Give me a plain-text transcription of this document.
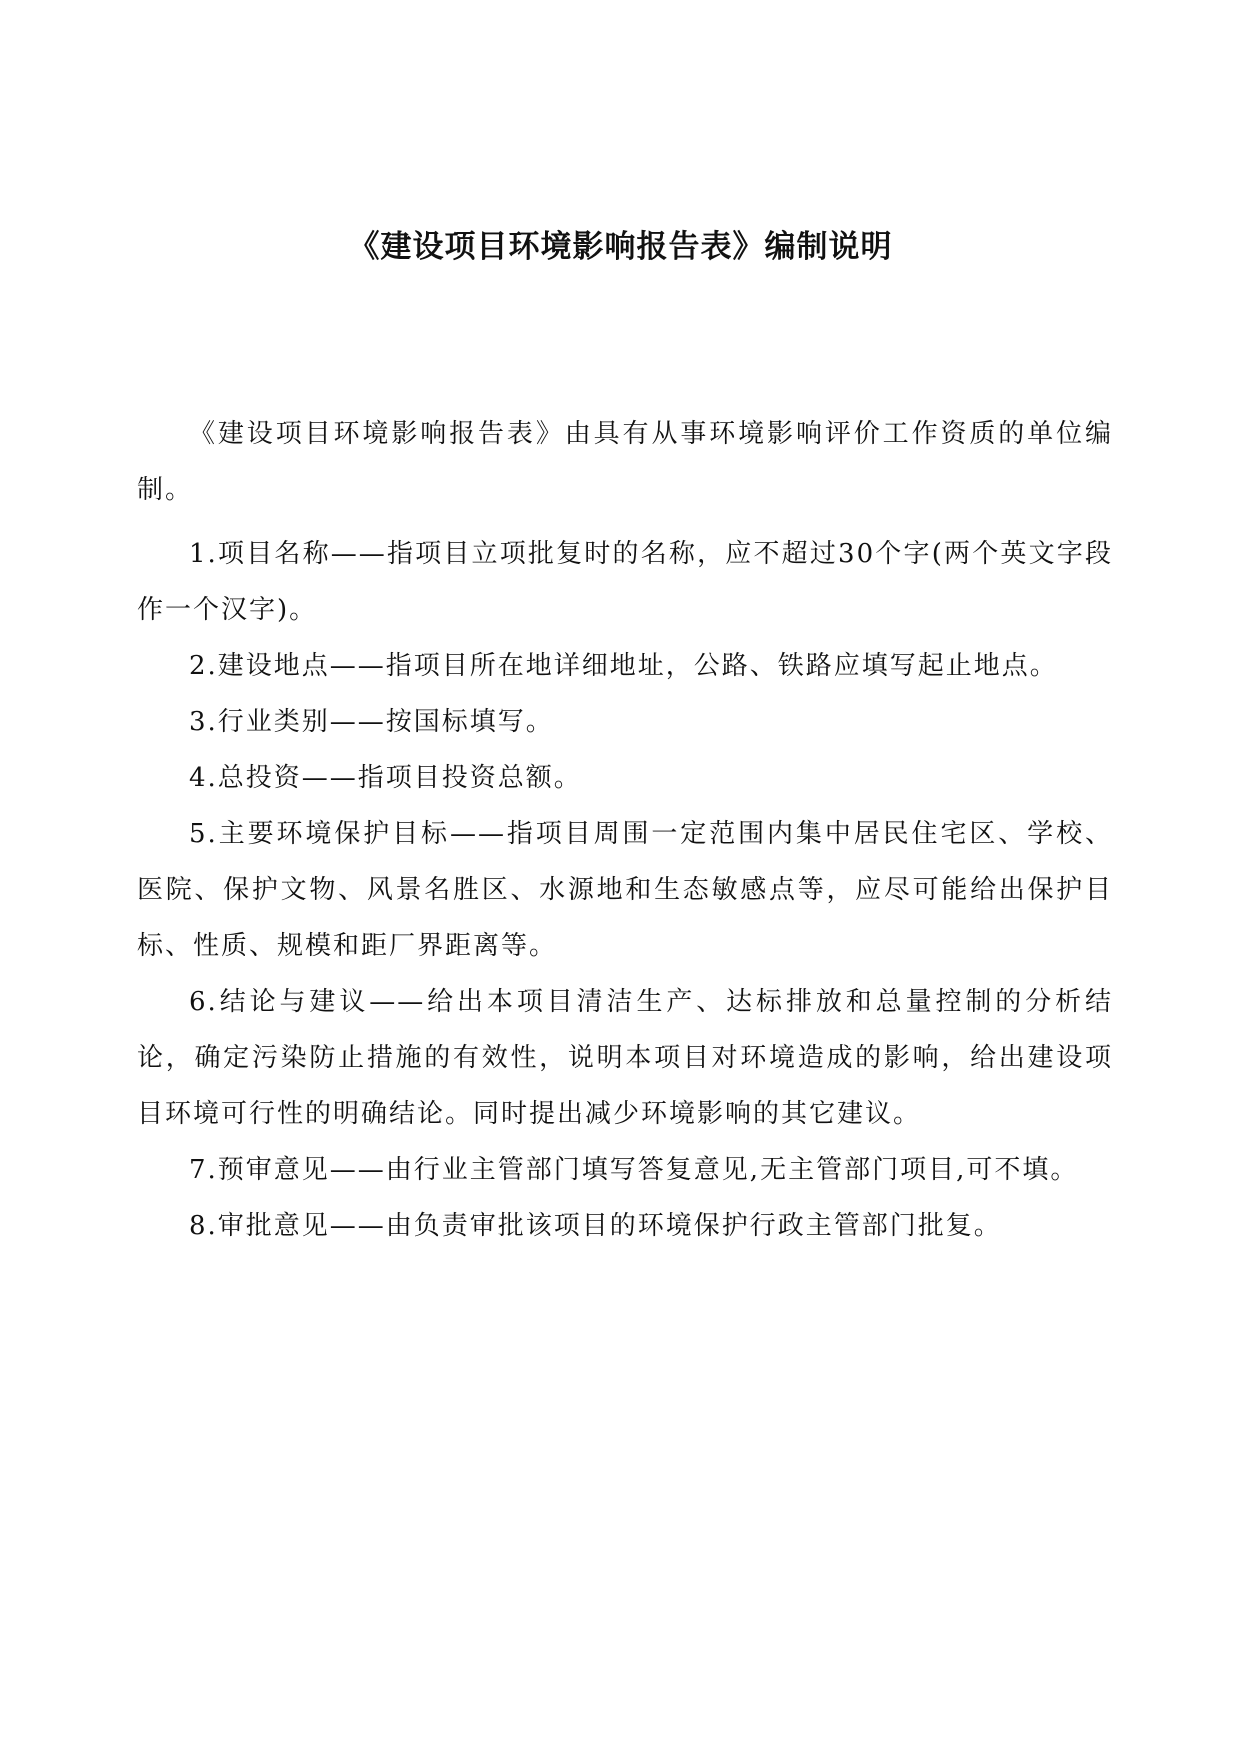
《建设项目环境影响报告表》编制说明

《建设项目环境影响报告表》由具有从事环境影响评价工作资质的单位编制。

1.项目名称——指项目立项批复时的名称，应不超过30个字(两个英文字段作一个汉字)。

2.建设地点——指项目所在地详细地址，公路、铁路应填写起止地点。

3.行业类别——按国标填写。

4.总投资——指项目投资总额。

5.主要环境保护目标——指项目周围一定范围内集中居民住宅区、学校、医院、保护文物、风景名胜区、水源地和生态敏感点等，应尽可能给出保护目标、性质、规模和距厂界距离等。

6.结论与建议——给出本项目清洁生产、达标排放和总量控制的分析结论，确定污染防止措施的有效性，说明本项目对环境造成的影响，给出建设项目环境可行性的明确结论。同时提出减少环境影响的其它建议。

7.预审意见——由行业主管部门填写答复意见,无主管部门项目,可不填。

8.审批意见——由负责审批该项目的环境保护行政主管部门批复。
